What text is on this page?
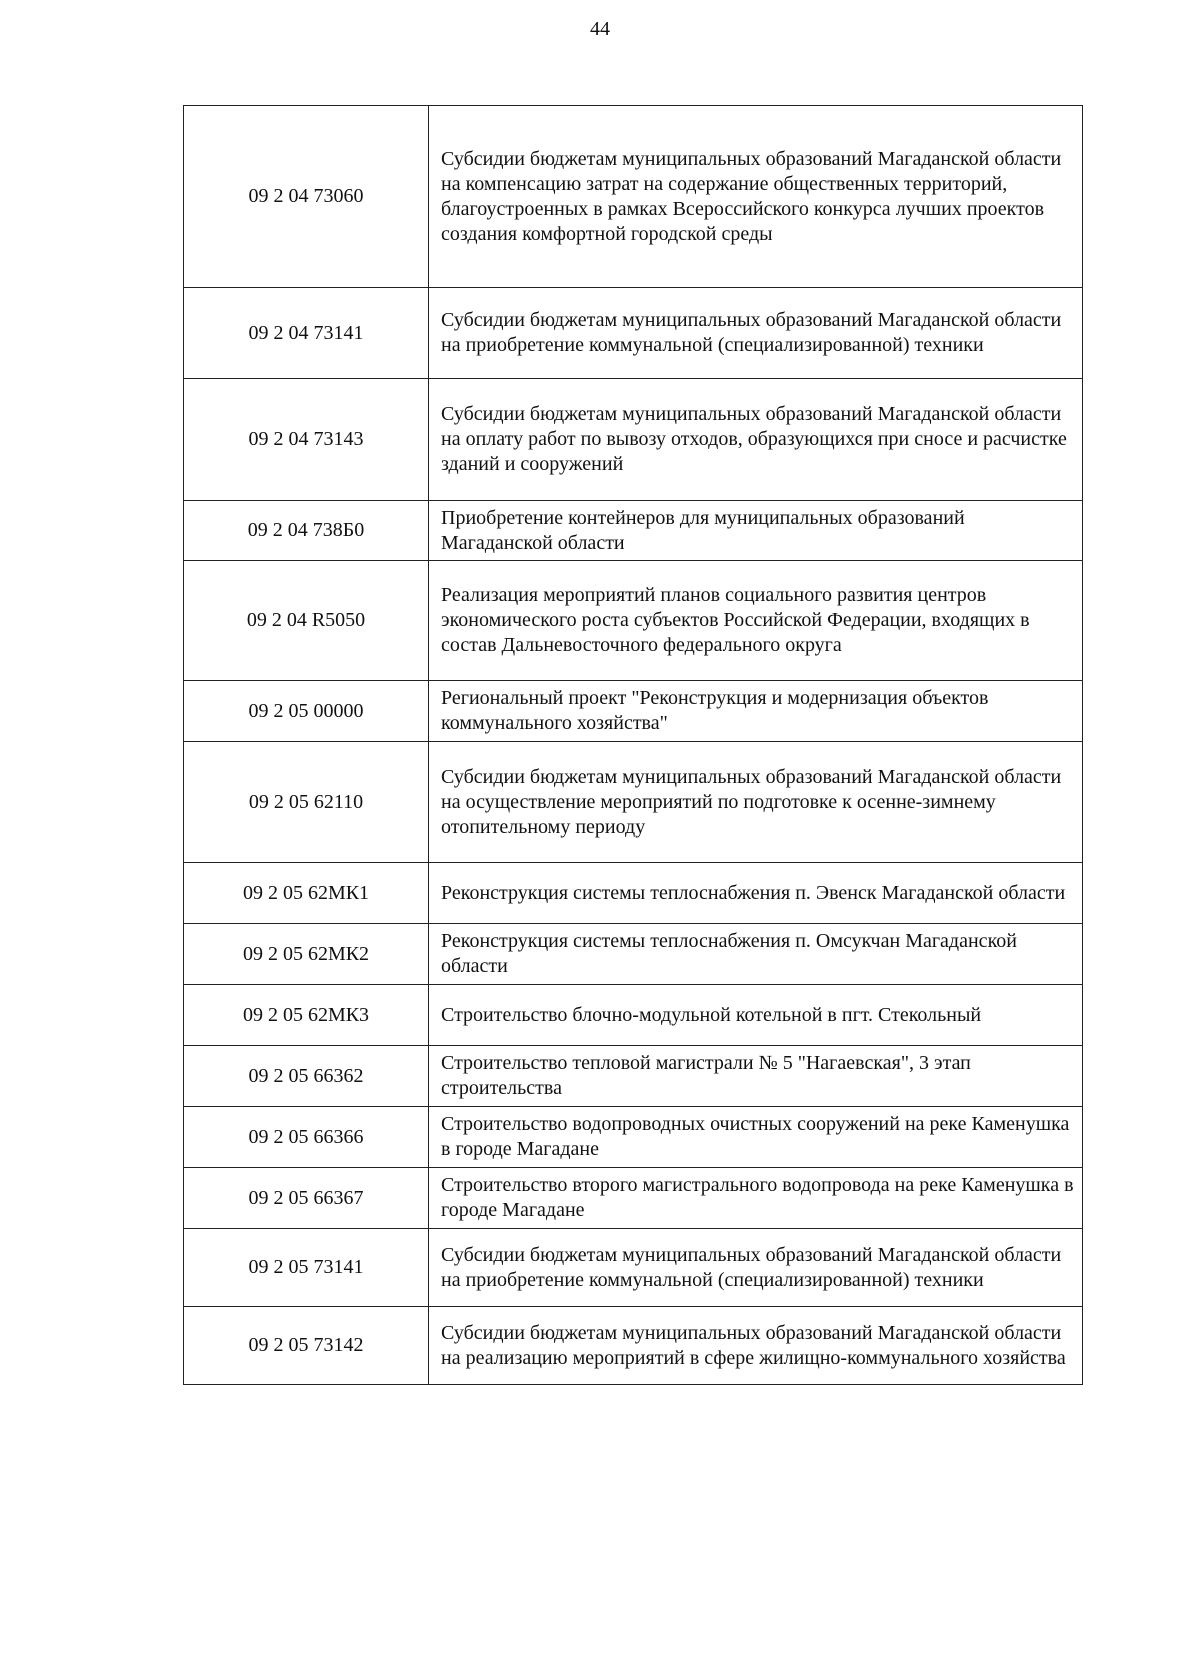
44
09 2 04 73060	Субсидии бюджетам муниципальных образований Магаданской области на компенсацию затрат на содержание общественных территорий, благоустроенных в рамках Всероссийского конкурса лучших проектов создания комфортной городской среды
09 2 04 73141	Субсидии бюджетам муниципальных образований Магаданской области на приобретение коммунальной (специализированной) техники
09 2 04 73143	Субсидии бюджетам муниципальных образований Магаданской области на оплату работ по вывозу отходов, образующихся при сносе и расчистке зданий и сооружений
09 2 04 738Б0	Приобретение контейнеров для муниципальных образований Магаданской области
09 2 04 R5050	Реализация мероприятий планов социального развития центров экономического роста субъектов Российской Федерации, входящих в состав Дальневосточного федерального округа
09 2 05 00000	Региональный проект "Реконструкция и модернизация объектов коммунального хозяйства"
09 2 05 62110	Субсидии бюджетам муниципальных образований Магаданской области на осуществление мероприятий по подготовке к осенне-зимнему отопительному периоду
09 2 05 62МК1	Реконструкция системы теплоснабжения п. Эвенск Магаданской области
09 2 05 62МК2	Реконструкция системы теплоснабжения п. Омсукчан Магаданской области
09 2 05 62МК3	Строительство блочно-модульной котельной в пгт. Стекольный
09 2 05 66362	Строительство тепловой магистрали № 5 "Нагаевская", 3 этап строительства
09 2 05 66366	Строительство водопроводных очистных сооружений на реке Каменушка в городе Магадане
09 2 05 66367	Строительство второго магистрального водопровода на реке Каменушка в городе Магадане
09 2 05 73141	Субсидии бюджетам муниципальных образований Магаданской области на приобретение коммунальной (специализированной) техники
09 2 05 73142	Субсидии бюджетам муниципальных образований Магаданской области на реализацию мероприятий в сфере жилищно-коммунального хозяйства
